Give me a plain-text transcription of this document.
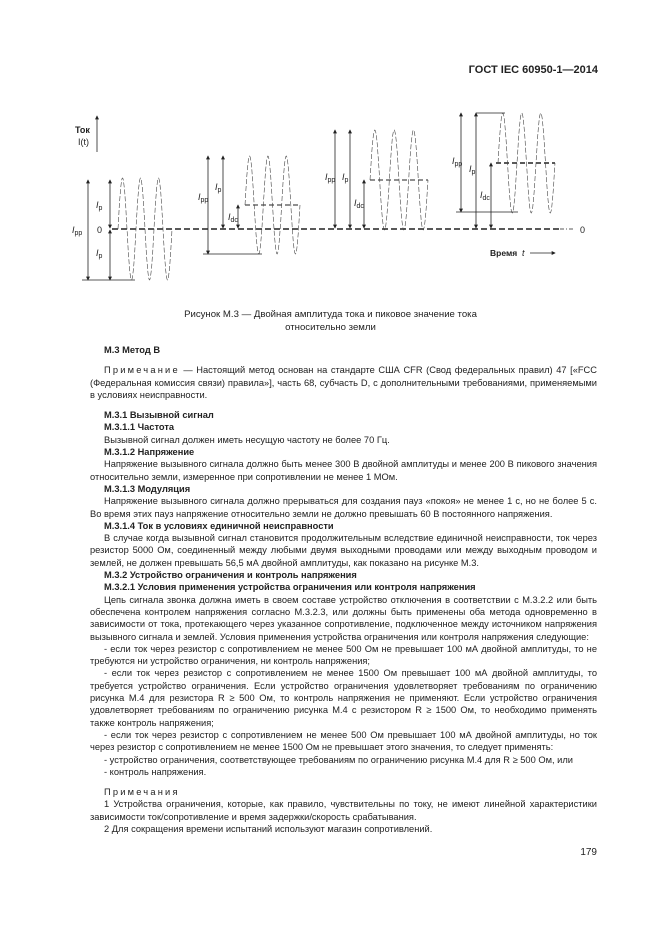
ГОСТ IEC 60950-1—2014
$I_{pp}$
$I_p$
$I_p$
$I_{pp}$
$I_p$
$I_{dc}$
$I_{pp}$ $I_p$
$I_{dc}$
$I_{pp}$ $I_p$
$I_{dc}$
Ток
I(t)
0	0
Время t
Рисунок М.3 — Двойная амплитуда тока и пиковое значение тока
относительно земли

М.3 Метод В

Примечание — Настоящий метод основан на стандарте США CFR (Свод федеральных правил) 47 [«FCC (Федеральная комиссия связи) правила»], часть 68, субчасть D, с дополнительными требованиями, применяемыми в условиях неисправности.

М.3.1 Вызывной сигнал

М.3.1.1 Частота

Вызывной сигнал должен иметь несущую частоту не более 70 Гц.

М.3.1.2 Напряжение

Напряжение вызывного сигнала должно быть менее 300 В двойной амплитуды и менее 200 В пикового значения относительно земли, измеренное при сопротивлении не менее 1 МОм.

М.3.1.3 Модуляция

Напряжение вызывного сигнала должно прерываться для создания пауз «покоя» не менее 1 с, но не более 5 с. Во время этих пауз напряжение относительно земли не должно превышать 60 В постоянного напряжения.

М.3.1.4 Ток в условиях единичной неисправности

В случае когда вызывной сигнал становится продолжительным вследствие единичной неисправности, ток через резистор 5000 Ом, соединенный между любыми двумя выходными проводами или между выходным проводом и землей, не должен превышать 56,5 мА двойной амплитуды, как показано на рисунке М.3.

М.3.2 Устройство ограничения и контроль напряжения

М.3.2.1 Условия применения устройства ограничения или контроля напряжения

Цепь сигнала звонка должна иметь в своем составе устройство отключения в соответствии с М.3.2.2 или быть обеспечена контролем напряжения согласно М.3.2.3, или должны быть применены оба метода одновременно в зависимости от тока, протекающего через указанное сопротивление, подключенное между источником напряжения вызывного сигнала и землей. Условия применения устройства ограничения или контроля напряжения следующие:

- если ток через резистор с сопротивлением не менее 500 Ом не превышает 100 мА двойной амплитуды, то не требуются ни устройство ограничения, ни контроль напряжения;

- если ток через резистор с сопротивлением не менее 1500 Ом превышает 100 мА двойной амплитуды, то требуется устройство ограничения. Если устройство ограничения удовлетворяет требованиям по ограничению рисунка М.4 для резистора R ≥ 500 Ом, то контроль напряжения не применяют. Если устройство ограничения удовлетворяет требованиям по ограничению рисунка М.4 с резистором R ≥ 1500 Ом, то необходимо применять также контроль напряжения;

- если ток через резистор с сопротивлением не менее 500 Ом превышает 100 мА двойной амплитуды, но ток через резистор с сопротивлением не менее 1500 Ом не превышает этого значения, то следует применять:

- устройство ограничения, соответствующее требованиям по ограничению рисунка М.4 для R ≥ 500 Ом, или

- контроль напряжения.

Примечания

1 Устройства ограничения, которые, как правило, чувствительны по току, не имеют линейной характеристики зависимости ток/сопротивление и время задержки/скорость срабатывания.

2 Для сокращения времени испытаний используют магазин сопротивлений.

179
